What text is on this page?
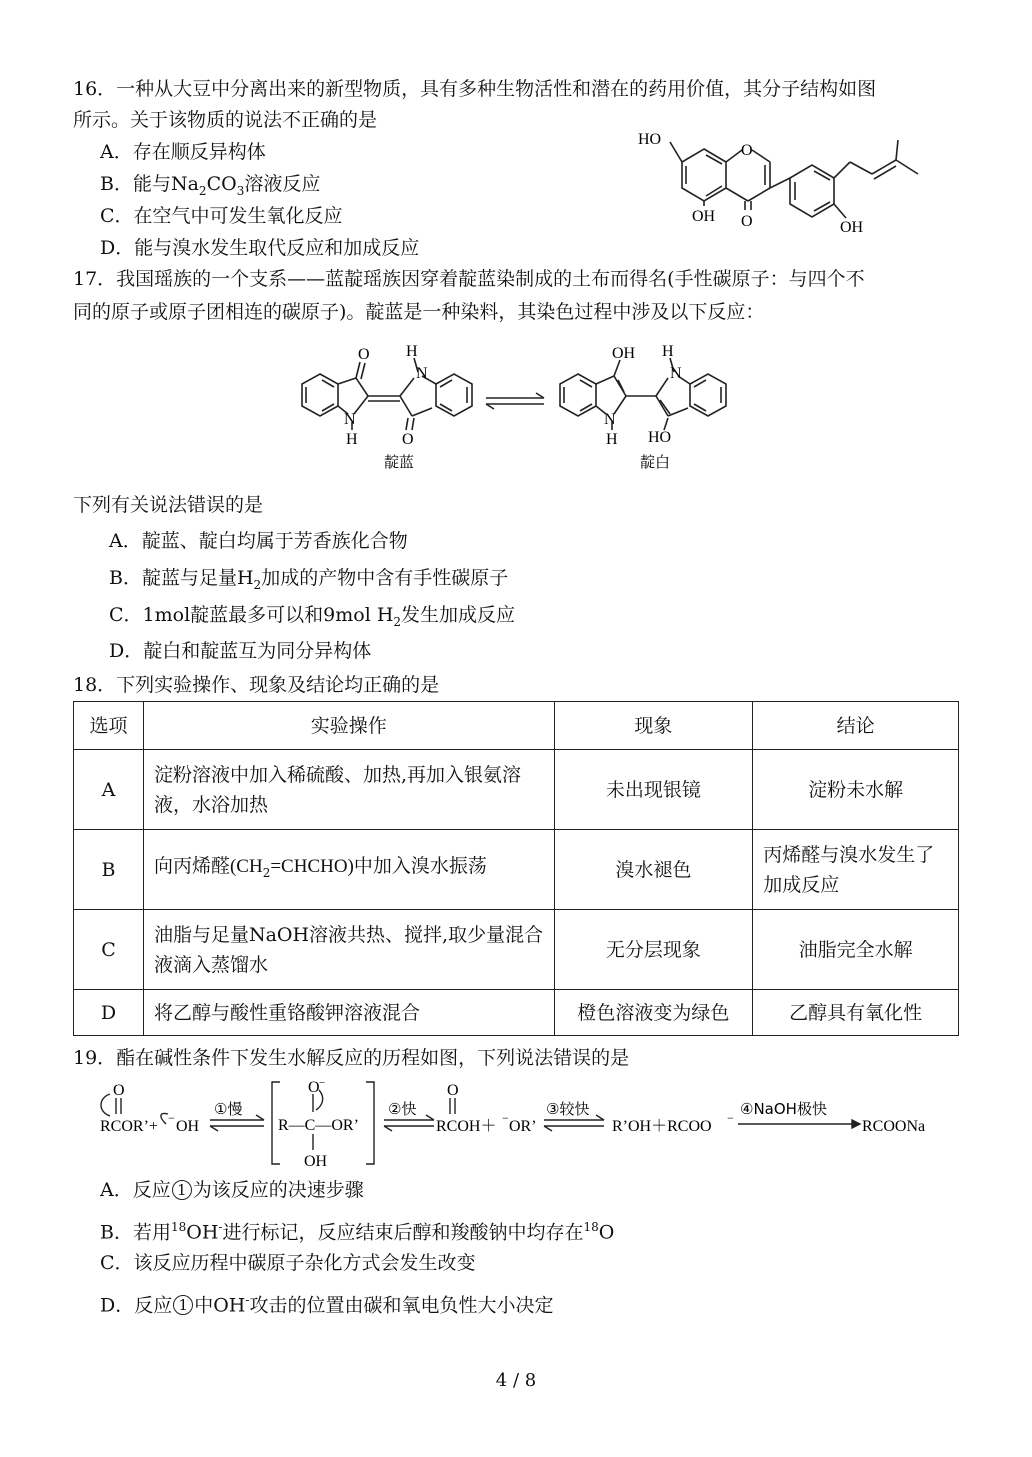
16．一种从大豆中分离出来的新型物质，具有多种生物活性和潜在的药用价值，其分子结构如图
所示。关于该物质的说法不正确的是
A．存在顺反异构体
B．能与$Na_2CO_3$溶液反应
C．在空气中可发生氧化反应
D．能与溴水发生取代反应和加成反应
HO
O
O
OH
OH
17．我国瑶族的一个支系——蓝靛瑶族因穿着靛蓝染制成的土布而得名(手性碳原子：与四个不
同的原子或原子团相连的碳原子)。靛蓝是一种染料，其染色过程中涉及以下反应：
O
N
H
N
H
O
OH
N
H
N
H
HO
靛蓝	靛白
下列有关说法错误的是
A．靛蓝、靛白均属于芳香族化合物
B．靛蓝与足量$H_2$加成的产物中含有手性碳原子
C．1mol靛蓝最多可以和9mol $H_2$发生加成反应
D．靛白和靛蓝互为同分异构体
18．下列实验操作、现象及结论均正确的是
选项	实验操作	现象	结论
A	淀粉溶液中加入稀硫酸、加热,再加入银氨溶液，水浴加热	未出现银镜	淀粉未水解
B	向丙烯醛$(CH_2=CHCHO)$中加入溴水振荡	溴水褪色	丙烯醛与溴水发生了加成反应
C	油脂与足量NaOH溶液共热、搅拌,取少量混合液滴入蒸馏水	无分层现象	油脂完全水解
D	将乙醇与酸性重铬酸钾溶液混合	橙色溶液变为绿色	乙醇具有氧化性
19．酯在碱性条件下发生水解反应的历程如图，下列说法错误的是
O
RCOR’+ − OH
①慢
O −
R—C—OR’
OH
②快
O
RCOH＋ − OR’
③较快
R’OH＋RCOO − ④NaOH极快
RCOONa
A．反应 1 为该反应的决速步骤
B．若用$^{18}$OH-进行标记，反应结束后醇和羧酸钠中均存在$^{18}$O
C．该反应历程中碳原子杂化方式会发生改变
D．反应 1 中OH-攻击的位置由碳和氧电负性大小决定
4 / 8
